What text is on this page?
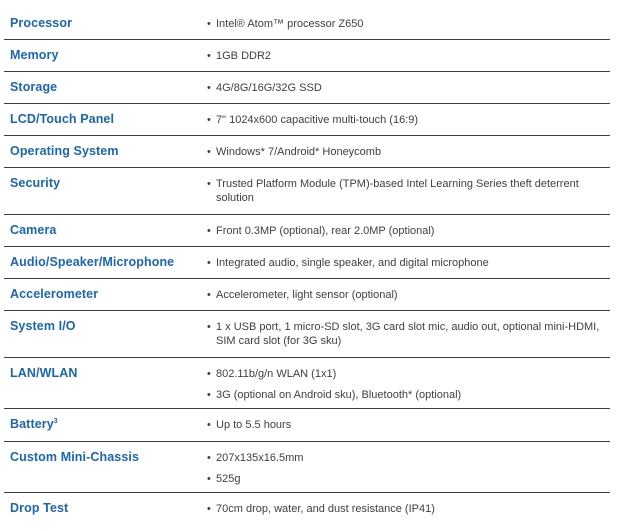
Processor	• Intel® Atom™ processor Z650
Memory	• 1GB DDR2
Storage	• 4G/8G/16G/32G SSD
LCD/Touch Panel	• 7" 1024x600 capacitive multi-touch (16:9)
Operating System	• Windows* 7/Android* Honeycomb
Security	• Trusted Platform Module (TPM)-based Intel Learning Series theft deterrent solution
Camera	• Front 0.3MP (optional), rear 2.0MP (optional)
Audio/Speaker/Microphone	• Integrated audio, single speaker, and digital microphone
Accelerometer	• Accelerometer, light sensor (optional)
System I/O	• 1 x USB port, 1 micro-SD slot, 3G card slot mic, audio out, optional mini-HDMI, SIM card slot (for 3G sku)
LAN/WLAN	• 802.11b/g/n WLAN (1x1)
• 3G (optional on Android sku), Bluetooth* (optional)
Battery$^3$	• Up to 5.5 hours
Custom Mini-Chassis	• 207x135x16.5mm
• 525g
Drop Test	• 70cm drop, water, and dust resistance (IP41)
